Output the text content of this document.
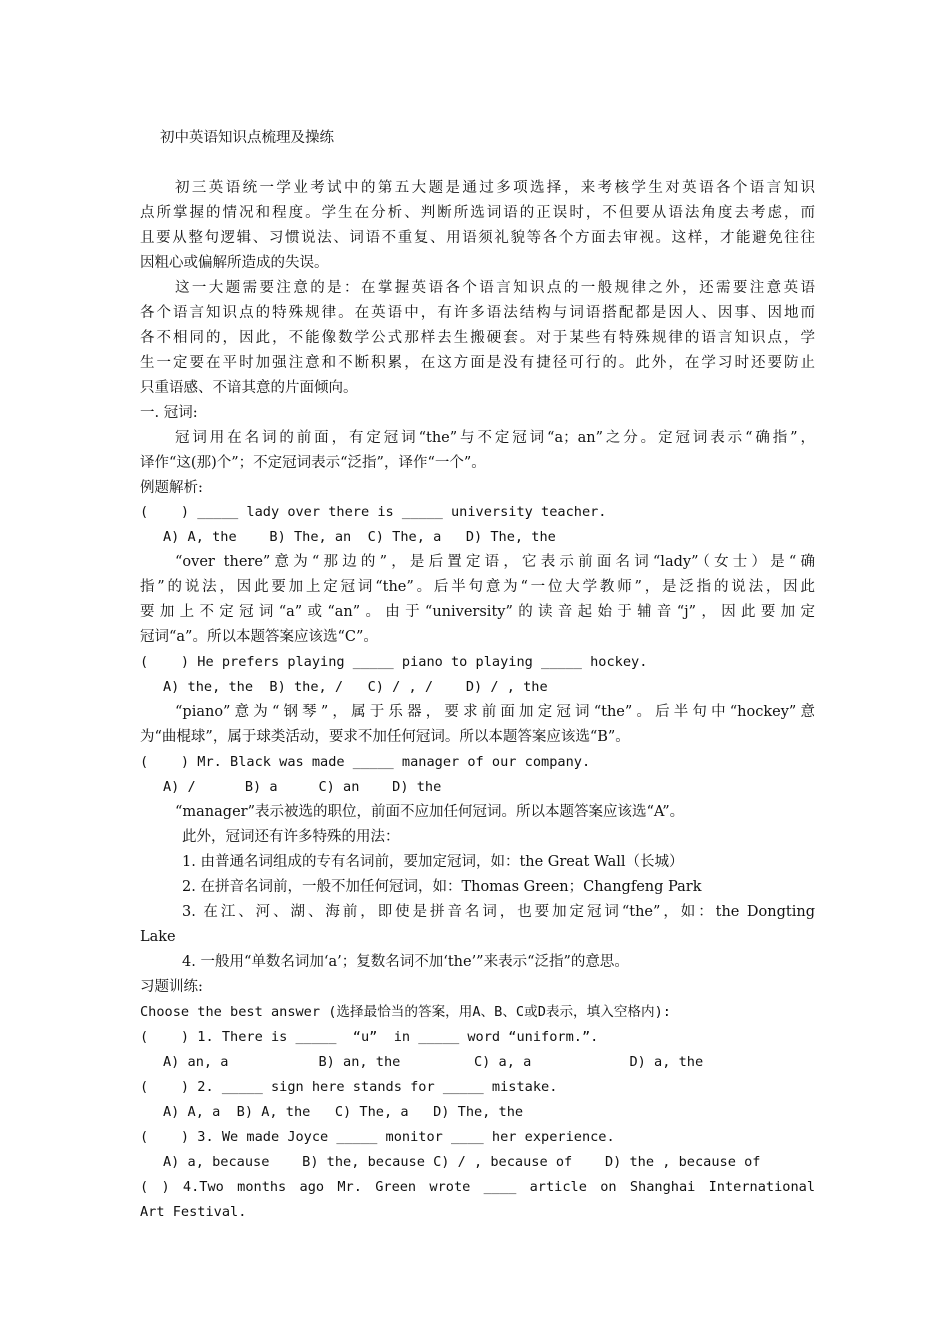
初中英语知识点梳理及操练
初三英语统一学业考试中的第五大题是通过多项选择，来考核学生对英语各个语言知识
点所掌握的情况和程度。学生在分析、判断所选词语的正误时，不但要从语法角度去考虑，而
且要从整句逻辑、习惯说法、词语不重复、用语须礼貌等各个方面去审视。这样，才能避免往往
因粗心或偏解所造成的失误。
这一大题需要注意的是：在掌握英语各个语言知识点的一般规律之外，还需要注意英语
各个语言知识点的特殊规律。在英语中，有许多语法结构与词语搭配都是因人、因事、因地而
各不相同的，因此，不能像数学公式那样去生搬硬套。对于某些有特殊规律的语言知识点，学
生一定要在平时加强注意和不断积累，在这方面是没有捷径可行的。此外，在学习时还要防止
只重语感、不谙其意的片面倾向。
一. 冠词:
冠词用在名词的前面，有定冠词“the”与不定冠词“a；an”之分。定冠词表示“确指”，
译作“这(那)个”；不定冠词表示“泛指”，译作“一个”。
例题解析:
(    ) _____ lady over there is _____ university teacher.
A) A, the    B) The, an  C) The, a   D) The, the
“over there”意为“那边的”，是后置定语，它表示前面名词“lady”（女士）是“确
指”的说法，因此要加上定冠词“the”。后半句意为“一位大学教师”，是泛指的说法，因此
要加上不定冠词“a”或“an”。由于“university”的读音起始于辅音“j”，因此要加定
冠词“a”。所以本题答案应该选“C”。
(    ) He prefers playing _____ piano to playing _____ hockey.
A) the, the  B) the, /   C) / , /    D) / , the
“piano”意为“钢琴”，属于乐器，要求前面加定冠词“the”。后半句中“hockey”意
为“曲棍球”，属于球类活动，要求不加任何冠词。所以本题答案应该选“B”。
(    ) Mr. Black was made _____ manager of our company.
A) /      B) a     C) an    D) the
“manager”表示被选的职位，前面不应加任何冠词。所以本题答案应该选“A”。
此外，冠词还有许多特殊的用法：
1. 由普通名词组成的专有名词前，要加定冠词，如：the Great Wall（长城）
2. 在拼音名词前，一般不加任何冠词，如：Thomas Green；Changfeng Park
3. 在江、河、湖、海前，即使是拼音名词，也要加定冠词“the”，如：the Dongting
Lake
4. 一般用“单数名词加‘a’；复数名词不加‘the’”来表示“泛指”的意思。
习题训练:
Choose the best answer (选择最恰当的答案，用A、B、C或D表示，填入空格内):
(    ) 1. There is _____  “u”  in _____ word “uniform.”.
A) an, a           B) an, the         C) a, a            D) a, the
(    ) 2. _____ sign here stands for _____ mistake.
A) A, a  B) A, the   C) The, a   D) The, the
(    ) 3. We made Joyce _____ monitor ____ her experience.
A) a, because    B) the, because C) / , because of    D) the , because of
( ) 4.Two months ago Mr. Green wrote ____ article on Shanghai International
Art Festival.
